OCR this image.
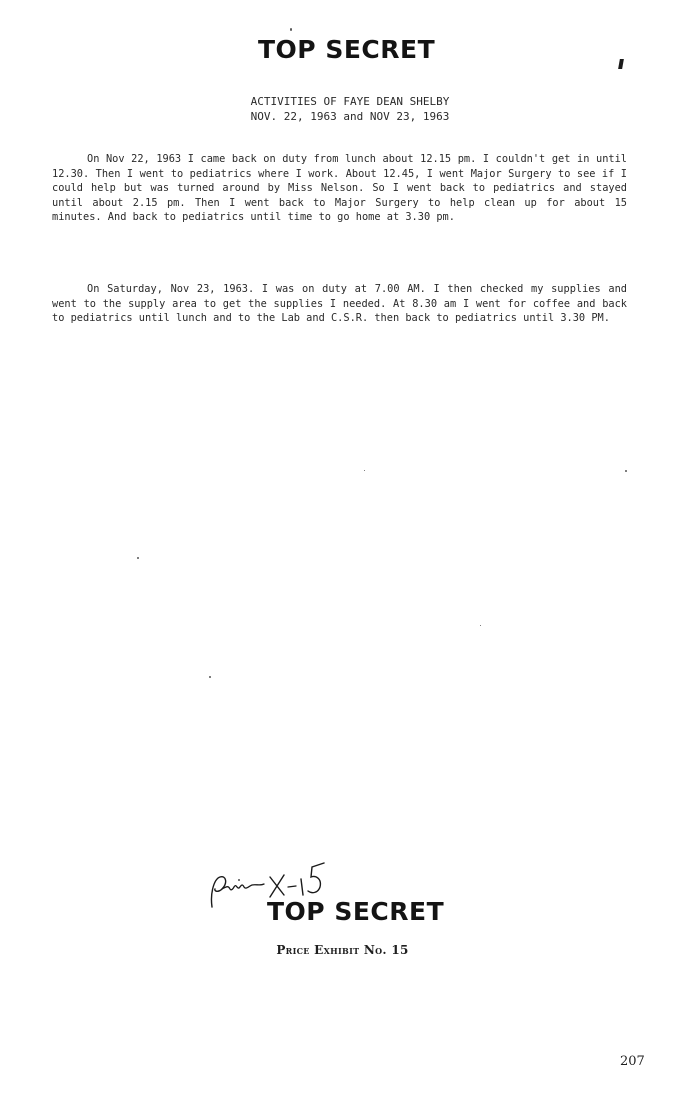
TOP SECRET
ACTIVITIES OF FAYE DEAN SHELBY
NOV. 22, 1963 and NOV 23, 1963

On Nov 22, 1963 I came back on duty from lunch about 12.15 pm. I couldn't get in until 12.30. Then I went to pediatrics where I work. About 12.45, I went Major Surgery to see if I could help but was turned around by Miss Nelson. So I went back to pediatrics and stayed until about 2.15 pm. Then I went back to Major Surgery to help clean up for about 15 minutes. And back to pediatrics until time to go home at 3.30 pm.

On Saturday, Nov 23, 1963. I was on duty at 7.00 AM. I then checked my supplies and went to the supply area to get the supplies I needed. At 8.30 am I went for coffee and back to pediatrics until lunch and to the Lab and C.S.R. then back to pediatrics until 3.30 PM.

TOP SECRET
Price Exhibit No. 15
207
